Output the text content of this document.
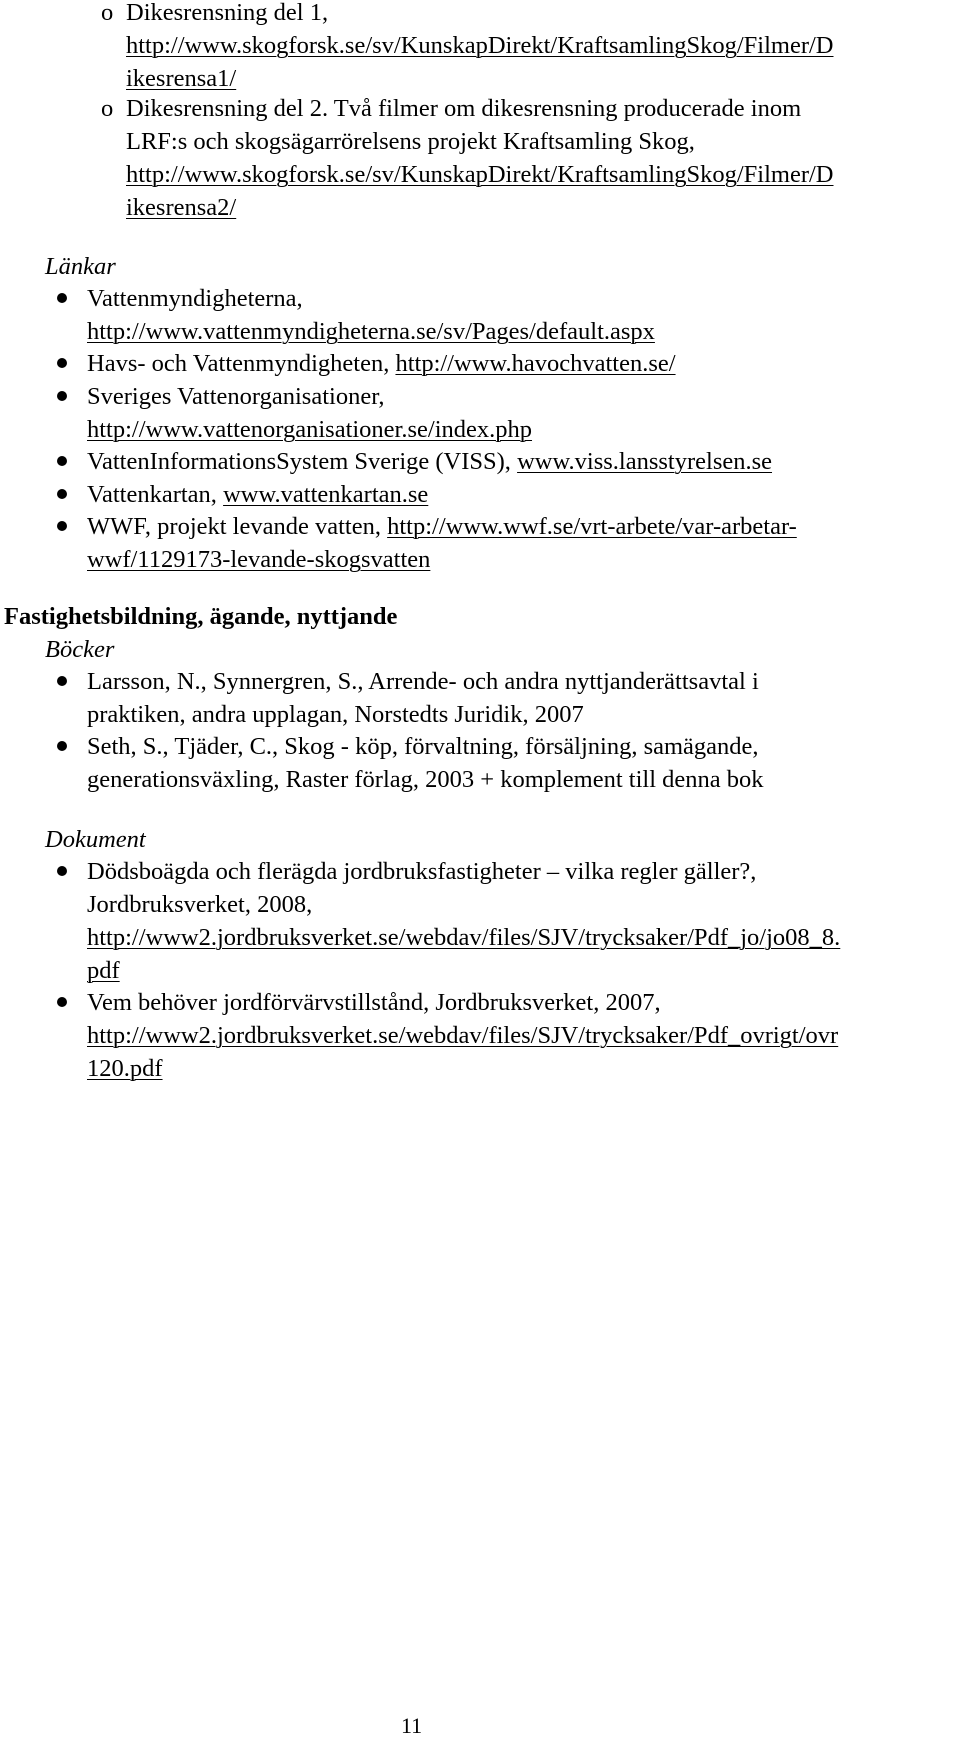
o Dikesrensning del 1,
http://www.skogforsk.se/sv/KunskapDirekt/KraftsamlingSkog/Filmer/D
ikesrensa1/
o Dikesrensning del 2. Två filmer om dikesrensning producerade inom
LRF:s och skogsägarrörelsens projekt Kraftsamling Skog,
http://www.skogforsk.se/sv/KunskapDirekt/KraftsamlingSkog/Filmer/D
ikesrensa2/
Länkar
Vattenmyndigheterna,
http://www.vattenmyndigheterna.se/sv/Pages/default.aspx
Havs- och Vattenmyndigheten, http://www.havochvatten.se/
Sveriges Vattenorganisationer,
http://www.vattenorganisationer.se/index.php
VattenInformationsSystem Sverige (VISS), www.viss.lansstyrelsen.se
Vattenkartan, www.vattenkartan.se
WWF, projekt levande vatten, http://www.wwf.se/vrt-arbete/var-arbetar-
wwf/1129173-levande-skogsvatten
Fastighetsbildning, ägande, nyttjande
Böcker
Larsson, N., Synnergren, S., Arrende- och andra nyttjanderättsavtal i
praktiken, andra upplagan, Norstedts Juridik, 2007
Seth, S., Tjäder, C., Skog - köp, förvaltning, försäljning, samägande,
generationsväxling, Raster förlag, 2003 + komplement till denna bok
Dokument
Dödsboägda och flerägda jordbruksfastigheter – vilka regler gäller?,
Jordbruksverket, 2008,
http://www2.jordbruksverket.se/webdav/files/SJV/trycksaker/Pdf_jo/jo08_8.
pdf
Vem behöver jordförvärvstillstånd, Jordbruksverket, 2007,
http://www2.jordbruksverket.se/webdav/files/SJV/trycksaker/Pdf_ovrigt/ovr
120.pdf
11
